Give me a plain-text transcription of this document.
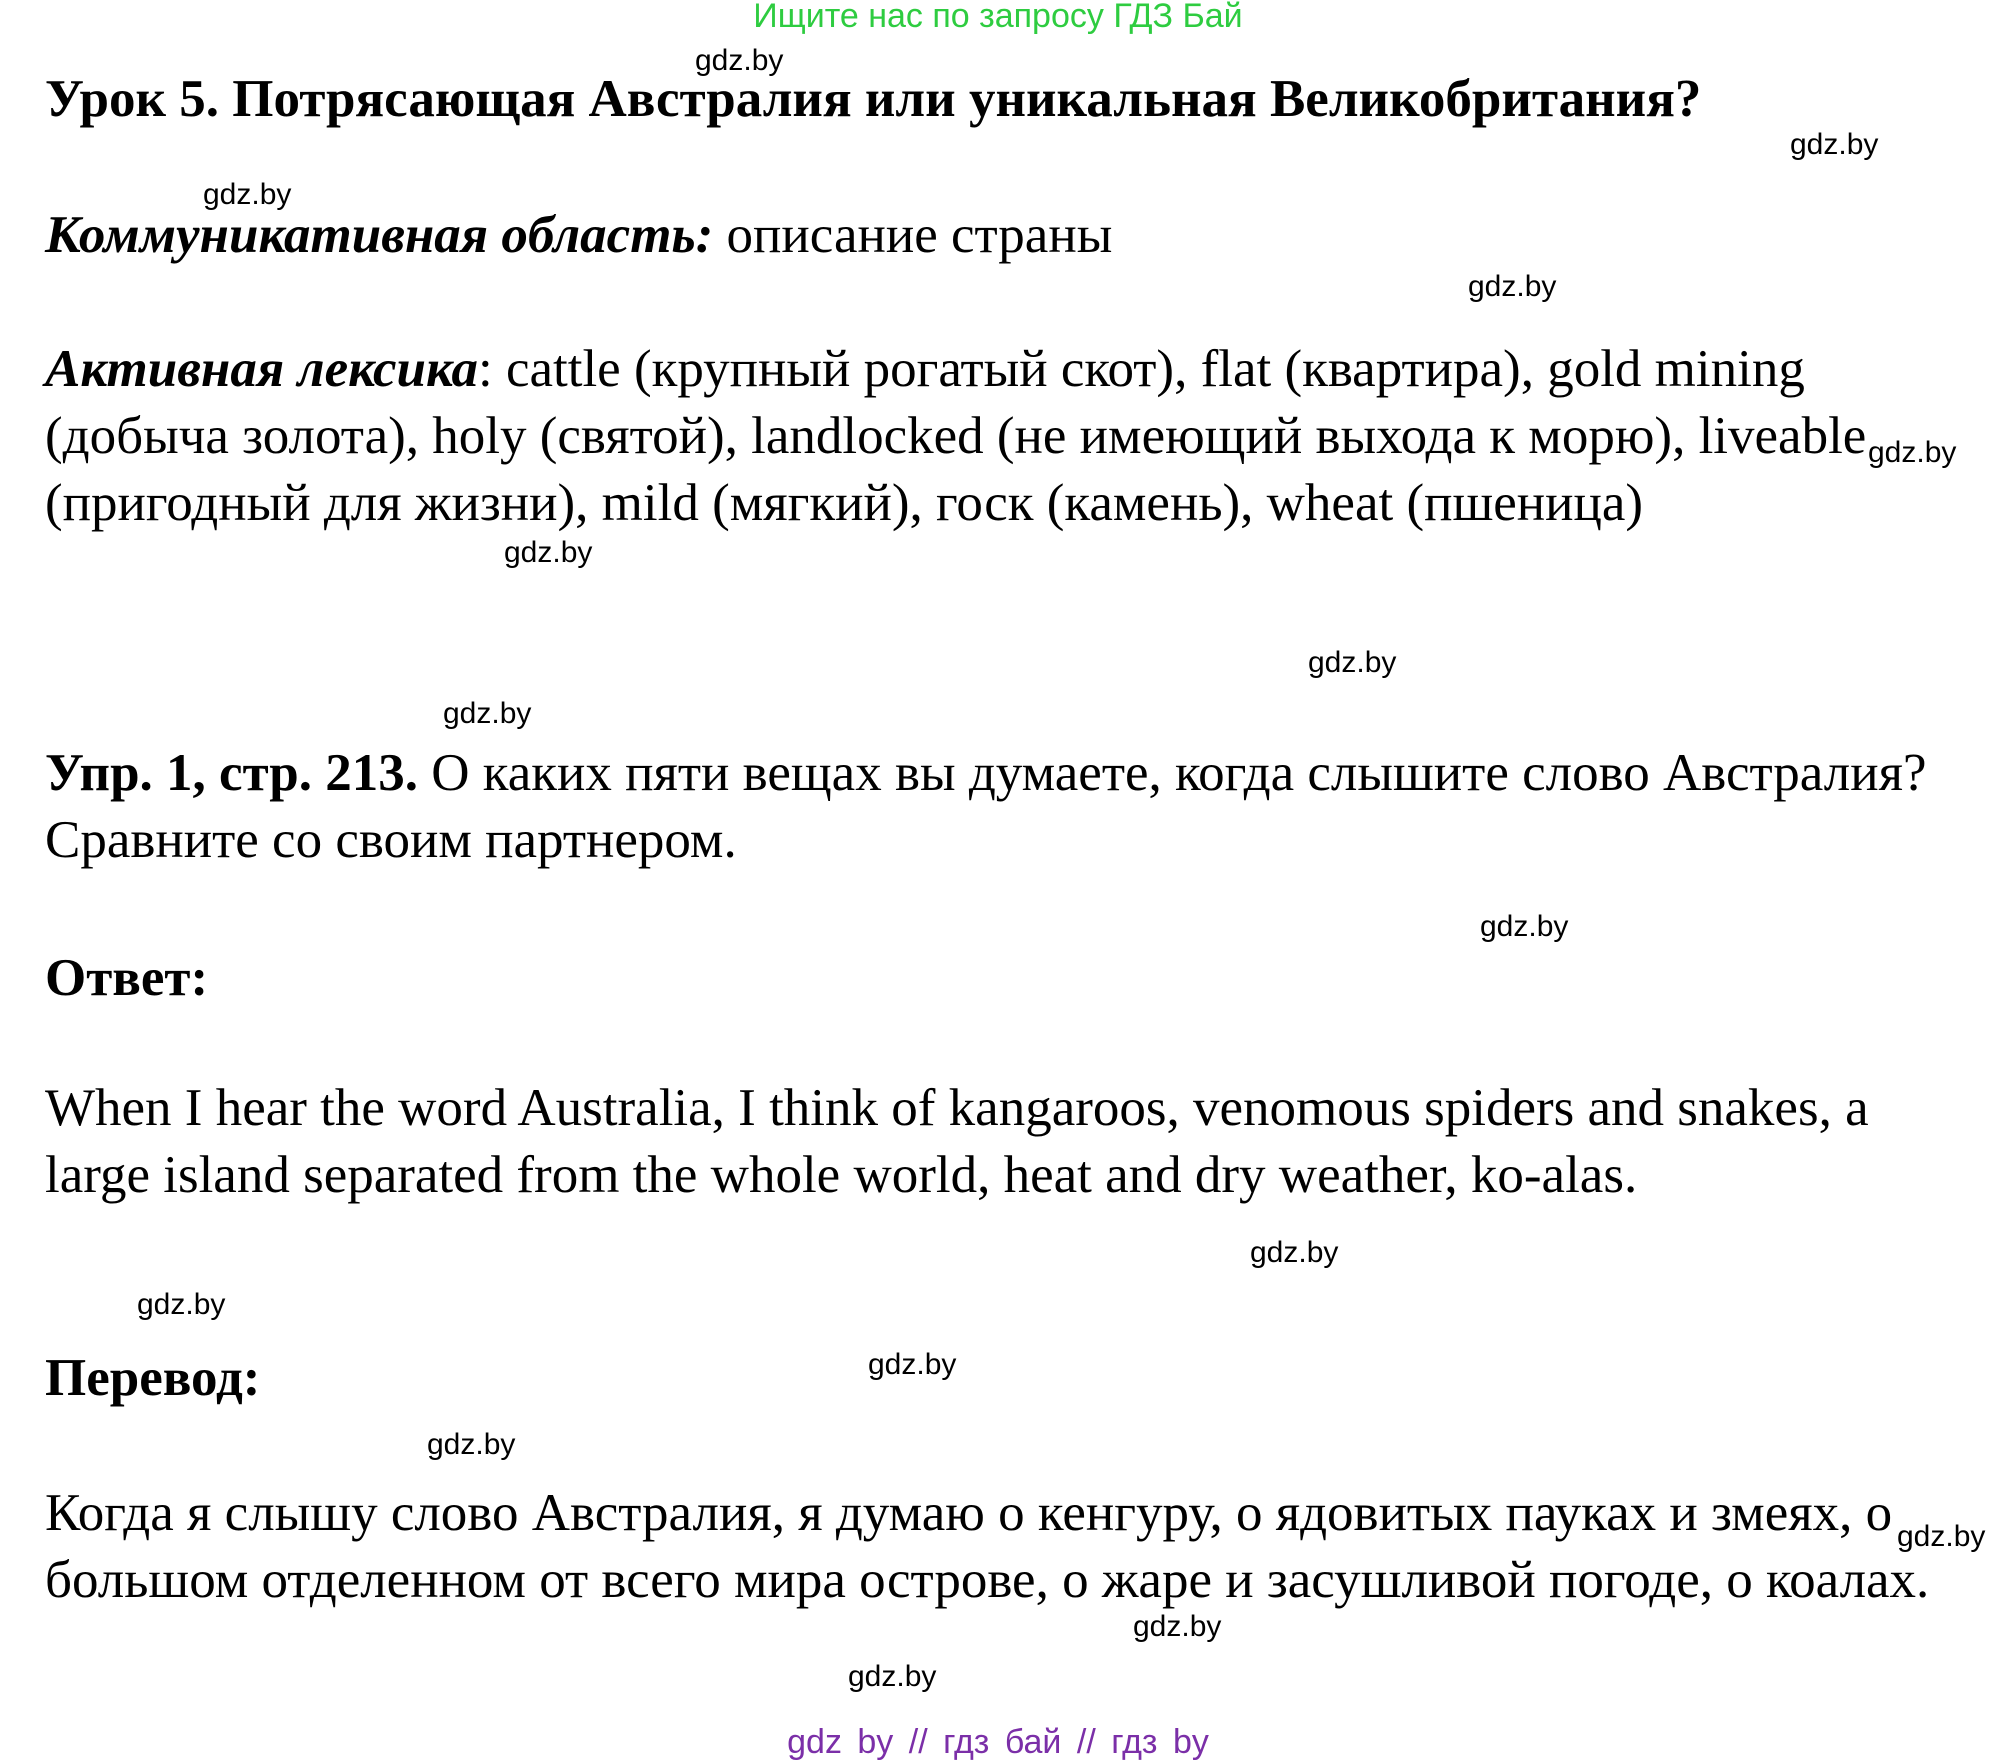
Ищите нас по запросу ГДЗ Бай
Урок 5. Потрясающая Австралия или уникальная Великобритания?
Коммуникативная область: описание страны
Активная лексика: cattle (крупный рогатый скот), flat (квартира), gold mining (добыча золота), holy (святой), landlocked (не имеющий выхода к морю), liveable (пригодный для жизни), mild (мягкий), госк (камень), wheat (пшеница)
Упр. 1, стр. 213. О каких пяти вещах вы думаете, когда слышите слово Австралия? Сравните со своим партнером.
Ответ:
When I hear the word Australia, I think of kangaroos, venomous spiders and snakes, a large island separated from the whole world, heat and dry weather, ko-alas.
Перевод:
Когда я слышу слово Австралия, я думаю о кенгуру, о ядовитых пауках и змеях, о большом отделенном от всего мира острове, о жаре и засушливой погоде, о коалах.
gdz.by
gdz.by
gdz.by
gdz.by
gdz.by
gdz.by
gdz.by
gdz.by
gdz.by
gdz.by
gdz.by
gdz.by
gdz.by
gdz.by
gdz.by
gdz.by
gdz by // гдз бай // гдз by
